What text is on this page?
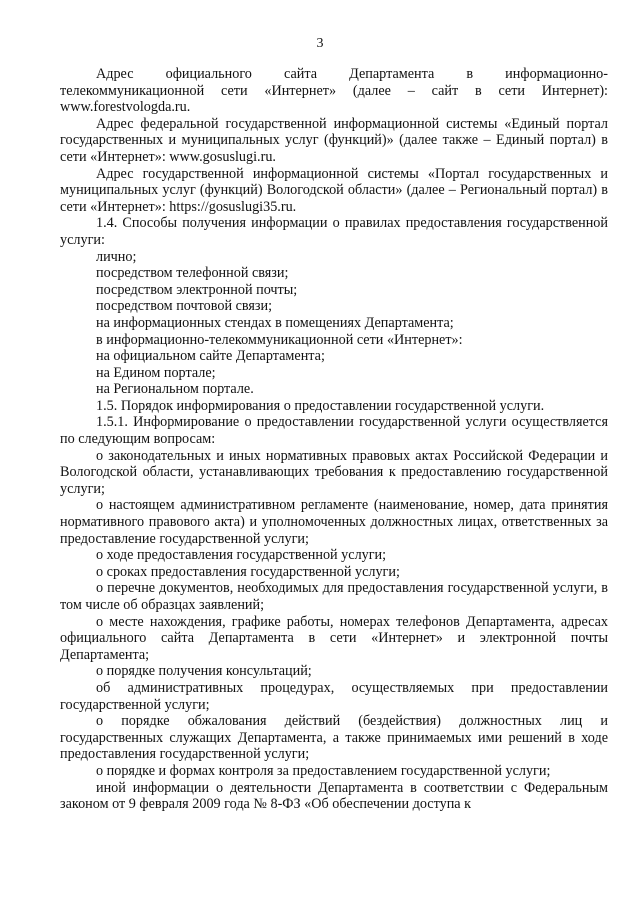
3

Адрес официального сайта Департамента в информационно-телекоммуникационной сети «Интернет» (далее – сайт в сети Интернет): www.forestvologda.ru.

Адрес федеральной государственной информационной системы «Единый портал государственных и муниципальных услуг (функций)» (далее также – Единый портал) в сети «Интернет»: www.gosuslugi.ru.

Адрес государственной информационной системы «Портал государственных и муниципальных услуг (функций) Вологодской области» (далее – Региональный портал) в сети «Интернет»: https://gosuslugi35.ru.

1.4. Способы получения информации о правилах предоставления государственной услуги:

лично;

посредством телефонной связи;

посредством электронной почты;

посредством почтовой связи;

на информационных стендах в помещениях Департамента;

в информационно-телекоммуникационной сети «Интернет»:

на официальном сайте Департамента;

на Едином портале;

на Региональном портале.

1.5. Порядок информирования о предоставлении государственной услуги.

1.5.1. Информирование о предоставлении государственной услуги осуществляется по следующим вопросам:

о законодательных и иных нормативных правовых актах Российской Федерации и Вологодской области, устанавливающих требования к предоставлению государственной услуги;

о настоящем административном регламенте (наименование, номер, дата принятия нормативного правового акта) и уполномоченных должностных лицах, ответственных за предоставление государственной услуги;

о ходе предоставления государственной услуги;

о сроках предоставления государственной услуги;

о перечне документов, необходимых для предоставления государственной услуги, в том числе об образцах заявлений;

о месте нахождения, графике работы, номерах телефонов Департамента, адресах официального сайта Департамента в сети «Интернет» и электронной почты Департамента;

о порядке получения консультаций;

об административных процедурах, осуществляемых при предоставлении государственной услуги;

о порядке обжалования действий (бездействия) должностных лиц и государственных служащих Департамента, а также принимаемых ими решений в ходе предоставления государственной услуги;

о порядке и формах контроля за предоставлением государственной услуги;

иной информации о деятельности Департамента в соответствии с Федеральным законом от 9 февраля 2009 года № 8-ФЗ «Об обеспечении доступа к
